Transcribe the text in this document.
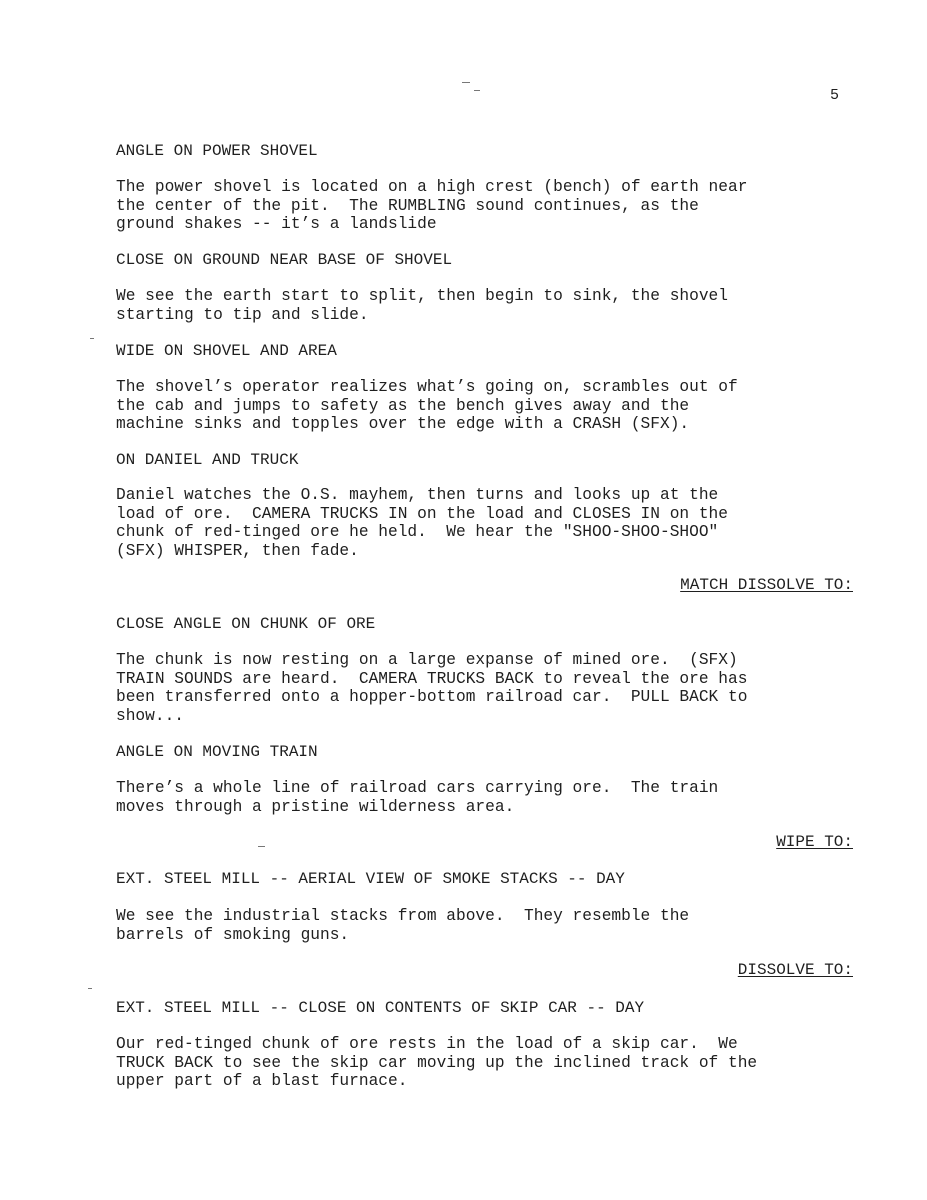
5
ANGLE ON POWER SHOVEL
The power shovel is located on a high crest (bench) of earth near
the center of the pit.  The RUMBLING sound continues, as the
ground shakes -- it’s a landslide
CLOSE ON GROUND NEAR BASE OF SHOVEL
We see the earth start to split, then begin to sink, the shovel
starting to tip and slide.
WIDE ON SHOVEL AND AREA
The shovel’s operator realizes what’s going on, scrambles out of
the cab and jumps to safety as the bench gives away and the
machine sinks and topples over the edge with a CRASH (SFX).
ON DANIEL AND TRUCK
Daniel watches the O.S. mayhem, then turns and looks up at the
load of ore.  CAMERA TRUCKS IN on the load and CLOSES IN on the
chunk of red-tinged ore he held.  We hear the "SHOO-SHOO-SHOO"
(SFX) WHISPER, then fade.
MATCH DISSOLVE TO:
CLOSE ANGLE ON CHUNK OF ORE
The chunk is now resting on a large expanse of mined ore.  (SFX)
TRAIN SOUNDS are heard.  CAMERA TRUCKS BACK to reveal the ore has
been transferred onto a hopper-bottom railroad car.  PULL BACK to
show...
ANGLE ON MOVING TRAIN
There’s a whole line of railroad cars carrying ore.  The train
moves through a pristine wilderness area.
WIPE TO:
EXT. STEEL MILL -- AERIAL VIEW OF SMOKE STACKS -- DAY
We see the industrial stacks from above.  They resemble the
barrels of smoking guns.
DISSOLVE TO:
EXT. STEEL MILL -- CLOSE ON CONTENTS OF SKIP CAR -- DAY
Our red-tinged chunk of ore rests in the load of a skip car.  We
TRUCK BACK to see the skip car moving up the inclined track of the
upper part of a blast furnace.
